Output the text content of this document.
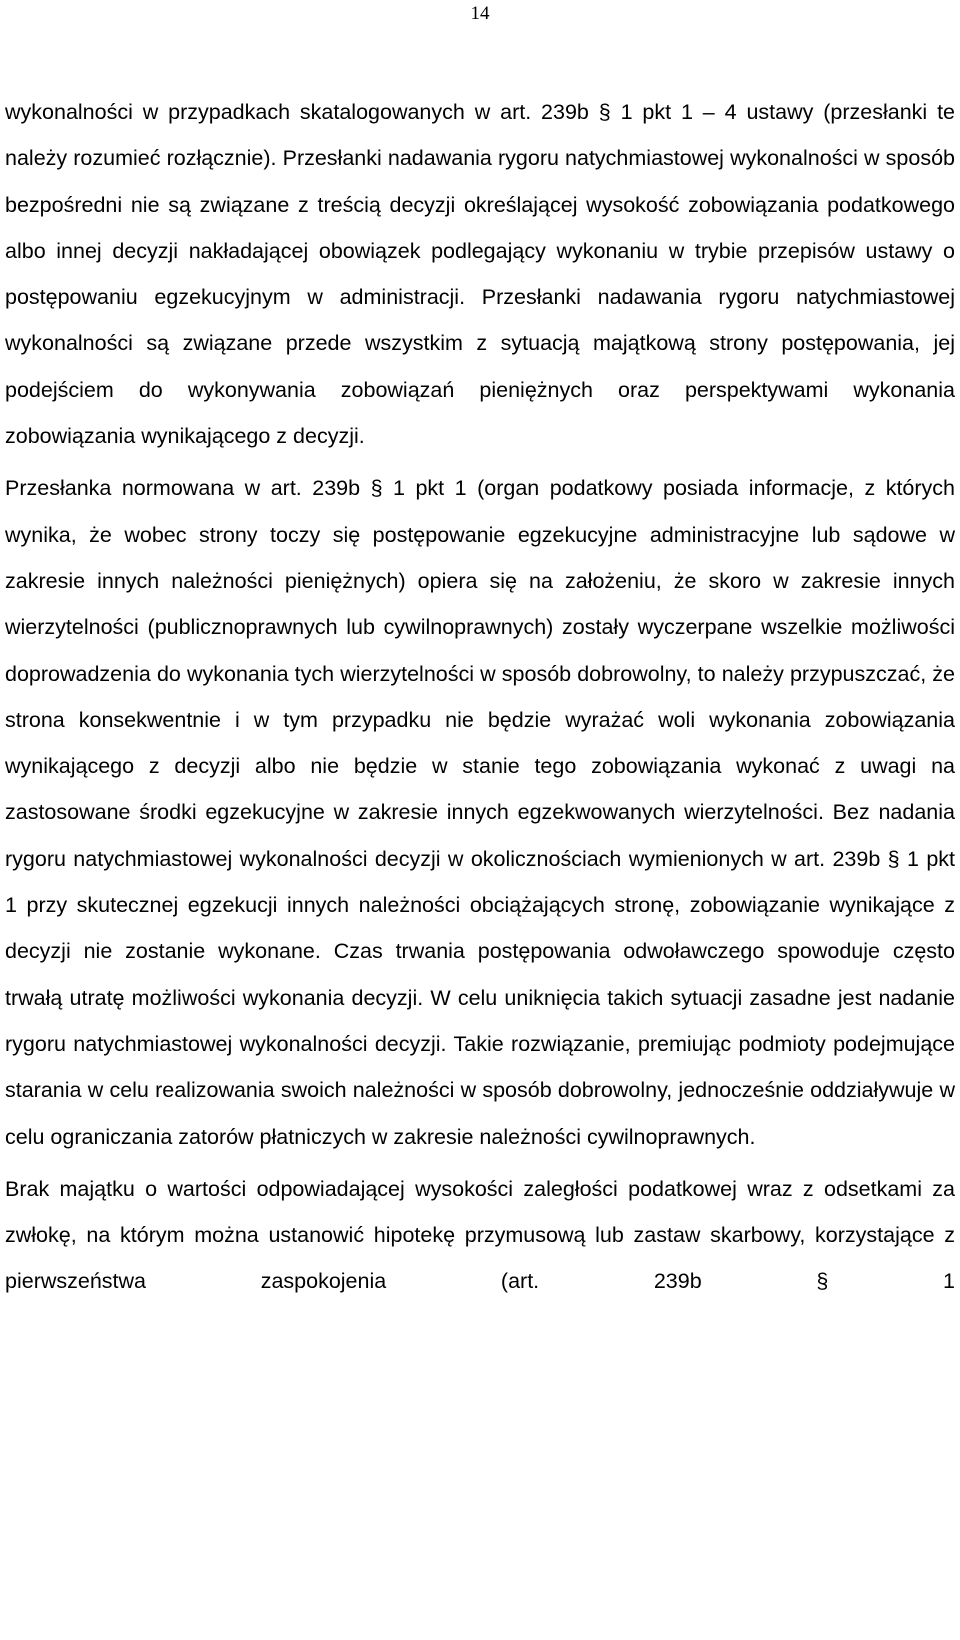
14

wykonalności w przypadkach skatalogowanych w art. 239b § 1 pkt 1 – 4 ustawy (przesłanki te należy rozumieć rozłącznie). Przesłanki nadawania rygoru natychmiastowej wykonalności w sposób bezpośredni nie są związane z treścią decyzji określającej wysokość zobowiązania podatkowego albo innej decyzji nakładającej obowiązek podlegający wykonaniu w trybie przepisów ustawy o postępowaniu egzekucyjnym w administracji. Przesłanki nadawania rygoru natychmiastowej wykonalności są związane przede wszystkim z sytuacją majątkową strony postępowania, jej podejściem do wykonywania zobowiązań pieniężnych oraz perspektywami wykonania zobowiązania wynikającego z decyzji.

Przesłanka normowana w art. 239b § 1 pkt 1 (organ podatkowy posiada informacje, z których wynika, że wobec strony toczy się postępowanie egzekucyjne administracyjne lub sądowe w zakresie innych należności pieniężnych) opiera się na założeniu, że skoro w zakresie innych wierzytelności (publicznoprawnych lub cywilnoprawnych) zostały wyczerpane wszelkie możliwości doprowadzenia do wykonania tych wierzytelności w sposób dobrowolny, to należy przypuszczać, że strona konsekwentnie i w tym przypadku nie będzie wyrażać woli wykonania zobowiązania wynikającego z decyzji albo nie będzie w stanie tego zobowiązania wykonać z uwagi na zastosowane środki egzekucyjne w zakresie innych egzekwowanych wierzytelności. Bez nadania rygoru natychmiastowej wykonalności decyzji w okolicznościach wymienionych w art. 239b § 1 pkt 1 przy skutecznej egzekucji innych należności obciążających stronę, zobowiązanie wynikające z decyzji nie zostanie wykonane. Czas trwania postępowania odwoławczego spowoduje często trwałą utratę możliwości wykonania decyzji. W celu uniknięcia takich sytuacji zasadne jest nadanie rygoru natychmiastowej wykonalności decyzji. Takie rozwiązanie, premiując podmioty podejmujące starania w celu realizowania swoich należności w sposób dobrowolny, jednocześnie oddziaływuje w celu ograniczania zatorów płatniczych w zakresie należności cywilnoprawnych.

Brak majątku o wartości odpowiadającej wysokości zaległości podatkowej wraz z odsetkami za zwłokę, na którym można ustanowić hipotekę przymusową lub zastaw skarbowy, korzystające z pierwszeństwa zaspokojenia (art. 239b § 1
